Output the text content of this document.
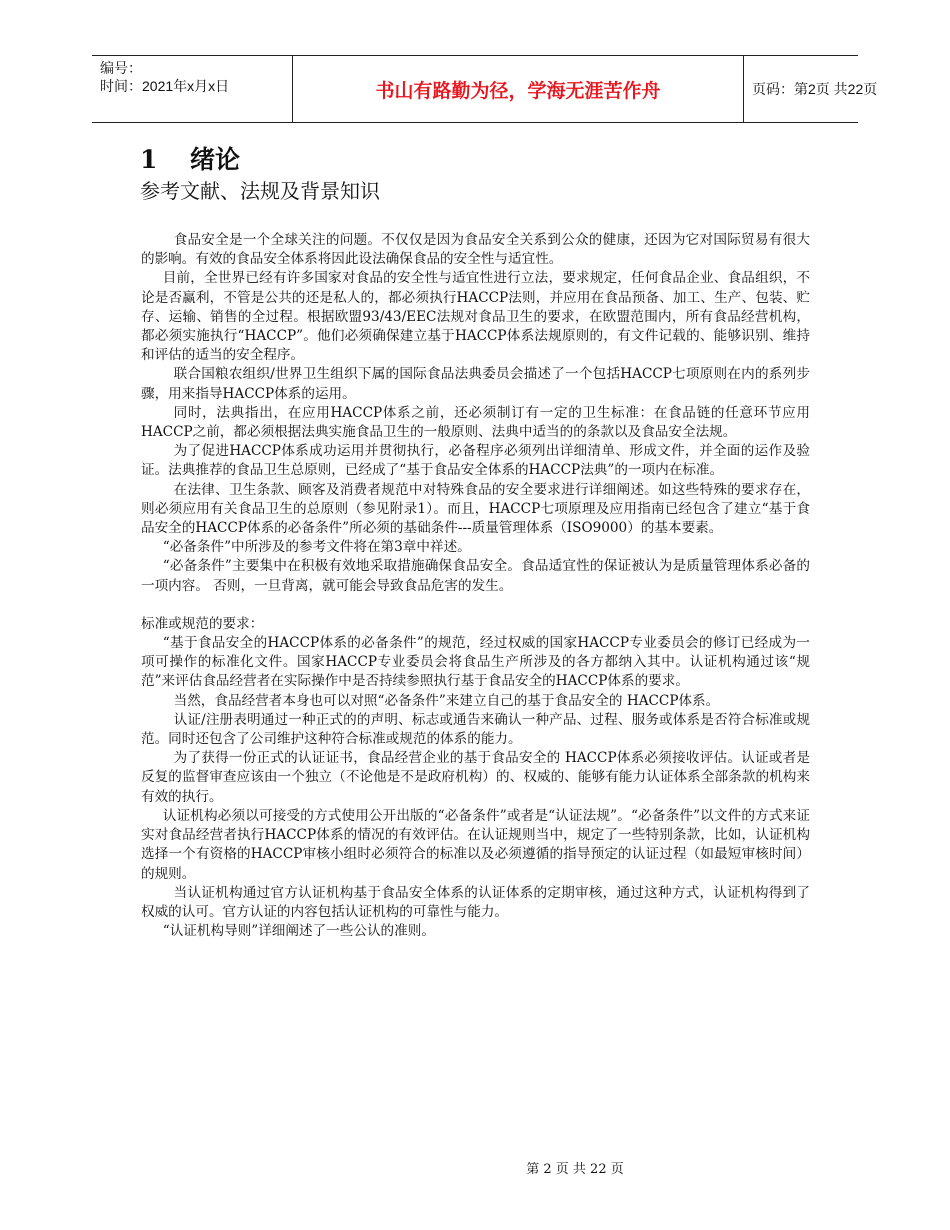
编号：
时间：2021年x月x日	书山有路勤为径，学海无涯苦作舟	页码：第2页 共22页
1 绪论
参考文献、法规及背景知识

食品安全是一个全球关注的问题。不仅仅是因为食品安全关系到公众的健康，还因为它对国际贸易有很大的影响。有效的食品安全体系将因此设法确保食品的安全性与适宜性。

目前，全世界已经有许多国家对食品的安全性与适宜性进行立法，要求规定，任何食品企业、食品组织，不论是否赢利，不管是公共的还是私人的，都必须执行HACCP法则，并应用在食品预备、加工、生产、包装、贮存、运输、销售的全过程。根据欧盟93/43/EEC法规对食品卫生的要求，在欧盟范围内，所有食品经营机构，都必须实施执行“HACCP”。他们必须确保建立基于HACCP体系法规原则的，有文件记载的、能够识别、维持和评估的适当的安全程序。

联合国粮农组织/世界卫生组织下属的国际食品法典委员会描述了一个包括HACCP七项原则在内的系列步骤，用来指导HACCP体系的运用。

同时，法典指出，在应用HACCP体系之前，还必须制订有一定的卫生标准：在食品链的任意环节应用HACCP之前，都必须根据法典实施食品卫生的一般原则、法典中适当的的条款以及食品安全法规。

为了促进HACCP体系成功运用并贯彻执行，必备程序必须列出详细清单、形成文件，并全面的运作及验证。法典推荐的食品卫生总原则，已经成了“基于食品安全体系的HACCP法典”的一项内在标准。

在法律、卫生条款、顾客及消费者规范中对特殊食品的安全要求进行详细阐述。如这些特殊的要求存在，则必须应用有关食品卫生的总原则（参见附录1）。而且，HACCP七项原理及应用指南已经包含了建立“基于食品安全的HACCP体系的必备条件”所必须的基础条件---质量管理体系（ISO9000）的基本要素。

“必备条件”中所涉及的参考文件将在第3章中祥述。

“必备条件”主要集中在积极有效地采取措施确保食品安全。食品适宜性的保证被认为是质量管理体系必备的一项内容。 否则，一旦背离，就可能会导致食品危害的发生。

标准或规范的要求：

“基于食品安全的HACCP体系的必备条件”的规范，经过权威的国家HACCP专业委员会的修订已经成为一项可操作的标准化文件。国家HACCP专业委员会将食品生产所涉及的各方都纳入其中。认证机构通过该“规范”来评估食品经营者在实际操作中是否持续参照执行基于食品安全的HACCP体系的要求。

当然，食品经营者本身也可以对照“必备条件”来建立自己的基于食品安全的 HACCP体系。

认证/注册表明通过一种正式的的声明、标志或通告来确认一种产品、过程、服务或体系是否符合标准或规范。同时还包含了公司维护这种符合标准或规范的体系的能力。

为了获得一份正式的认证证书，食品经营企业的基于食品安全的 HACCP体系必须接收评估。认证或者是反复的监督审查应该由一个独立（不论他是不是政府机构）的、权威的、能够有能力认证体系全部条款的机构来有效的执行。

认证机构必须以可接受的方式使用公开出版的“必备条件”或者是“认证法规”。“必备条件”以文件的方式来证实对食品经营者执行HACCP体系的情况的有效评估。在认证规则当中，规定了一些特别条款，比如，认证机构选择一个有资格的HACCP审核小组时必须符合的标准以及必须遵循的指导预定的认证过程（如最短审核时间）的规则。

当认证机构通过官方认证机构基于食品安全体系的认证体系的定期审核，通过这种方式，认证机构得到了权威的认可。官方认证的内容包括认证机构的可靠性与能力。

“认证机构导则”详细阐述了一些公认的准则。

第 2 页 共 22 页
